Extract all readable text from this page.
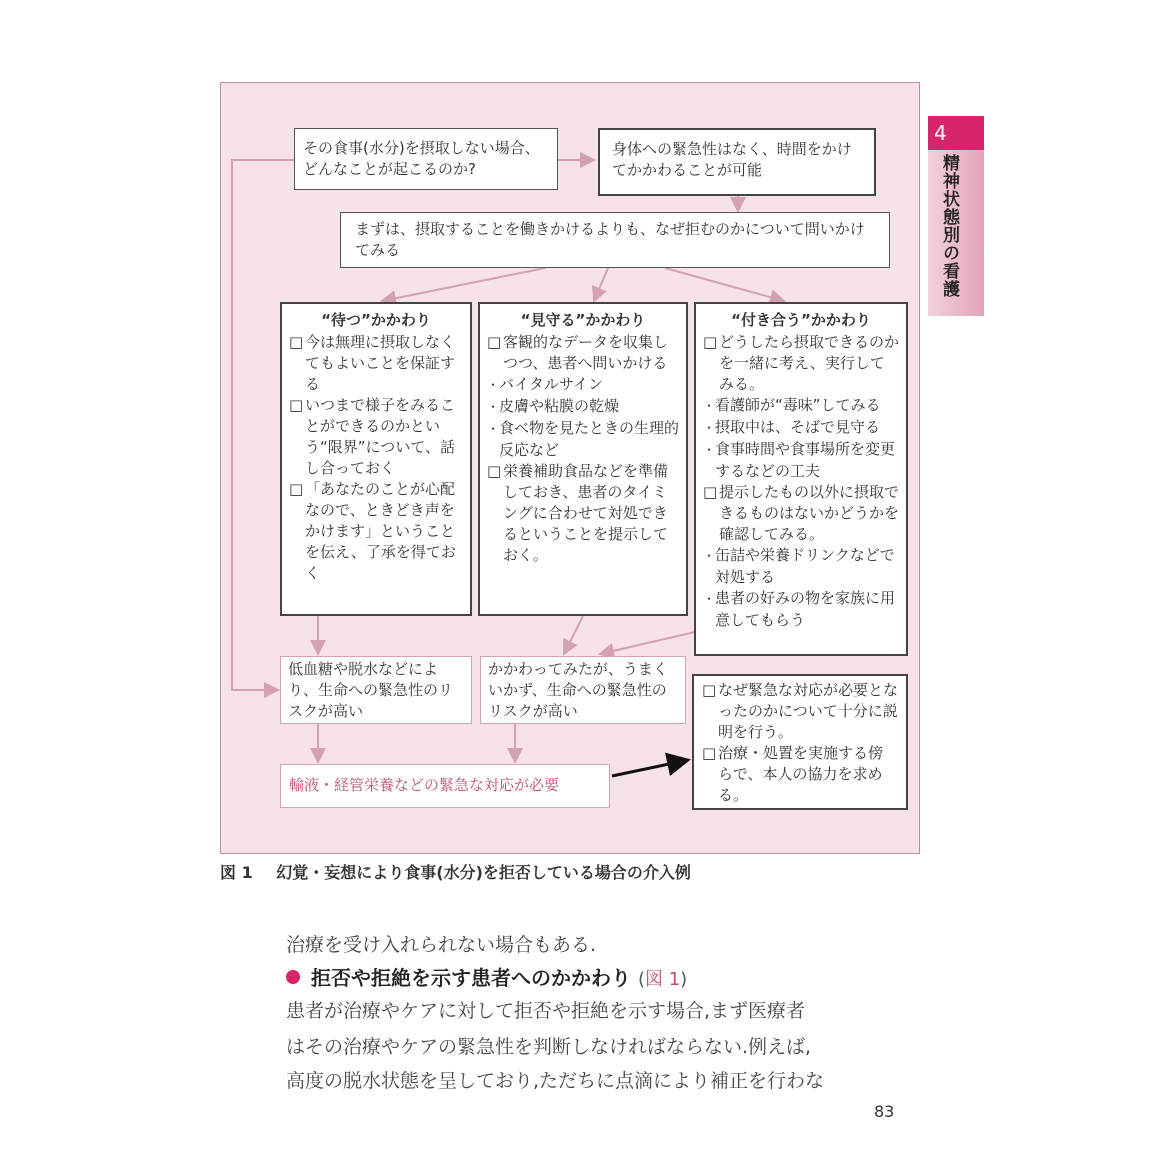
その食事(水分)を摂取しない場合、どんなことが起こるのか?
身体への緊急性はなく、時間をかけてかかわることが可能
まずは、摂取することを働きかけるよりも、なぜ拒むのかについて問いかけてみる
“待つ”かかわり
□ 今は無理に摂取しなくてもよいことを保証する
□ いつまで様子をみることができるのかという“限界”について、話し合っておく
□ 「あなたのことが心配なので、ときどき声をかけます」ということを伝え、了承を得ておく
“見守る”かかわり
□ 客観的なデータを収集しつつ、患者へ問いかける
・ バイタルサイン
・ 皮膚や粘膜の乾燥
・ 食べ物を見たときの生理的反応など
□ 栄養補助食品などを準備しておき、患者のタイミングに合わせて対処できるということを提示しておく。
“付き合う”かかわり
□ どうしたら摂取できるのかを一緒に考え、実行してみる。
・ 看護師が“毒味”してみる
・ 摂取中は、そばで見守る
・ 食事時間や食事場所を変更するなどの工夫
□ 提示したもの以外に摂取できるものはないかどうかを確認してみる。
・ 缶詰や栄養ドリンクなどで対処する
・ 患者の好みの物を家族に用意してもらう
低血糖や脱水などにより、生命への緊急性のリスクが高い
かかわってみたが、うまくいかず、生命への緊急性のリスクが高い
輸液・経管栄養などの緊急な対応が必要
□ なぜ緊急な対応が必要となったのかについて十分に説明を行う。
□ 治療・処置を実施する傍らで、本人の協力を求める。
4
精神状態別の看護
図 1 幻覚・妄想により食事(水分)を拒否している場合の介入例
治療を受け入れられない場合もある.
拒否や拒絶を示す患者へのかかわり (図 1)
患者が治療やケアに対して拒否や拒絶を示す場合,まず医療者
はその治療やケアの緊急性を判断しなければならない.例えば,
高度の脱水状態を呈しており,ただちに点滴により補正を行わな
83
